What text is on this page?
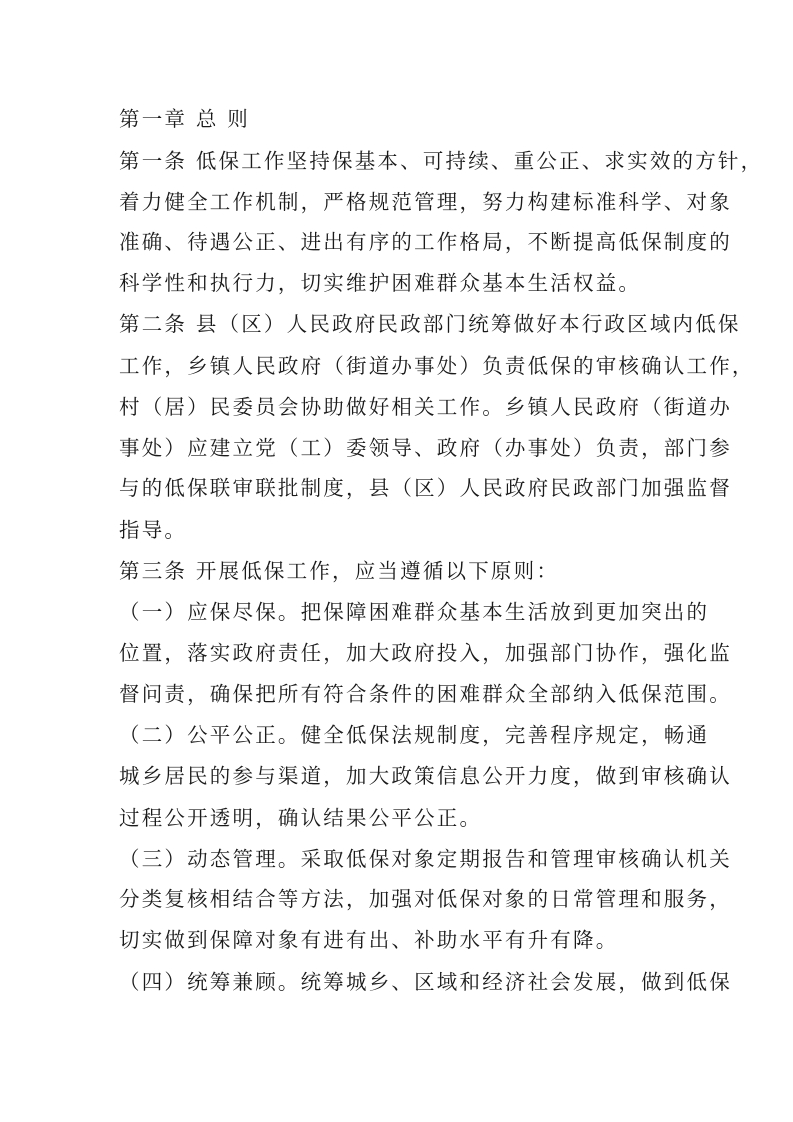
第一章 总 则
第一条 低保工作坚持保基本、可持续、重公正、求实效的方针，
着力健全工作机制，严格规范管理，努力构建标准科学、对象
准确、待遇公正、进出有序的工作格局，不断提高低保制度的
科学性和执行力，切实维护困难群众基本生活权益。
第二条 县（区）人民政府民政部门统筹做好本行政区域内低保
工作，乡镇人民政府（街道办事处）负责低保的审核确认工作，
村（居）民委员会协助做好相关工作。乡镇人民政府（街道办
事处）应建立党（工）委领导、政府（办事处）负责，部门参
与的低保联审联批制度，县（区）人民政府民政部门加强监督
指导。
第三条 开展低保工作，应当遵循以下原则：
（一）应保尽保。把保障困难群众基本生活放到更加突出的
位置，落实政府责任，加大政府投入，加强部门协作，强化监
督问责，确保把所有符合条件的困难群众全部纳入低保范围。
（二）公平公正。健全低保法规制度，完善程序规定，畅通
城乡居民的参与渠道，加大政策信息公开力度，做到审核确认
过程公开透明，确认结果公平公正。
（三）动态管理。采取低保对象定期报告和管理审核确认机关
分类复核相结合等方法，加强对低保对象的日常管理和服务，
切实做到保障对象有进有出、补助水平有升有降。
（四）统筹兼顾。统筹城乡、区域和经济社会发展，做到低保
